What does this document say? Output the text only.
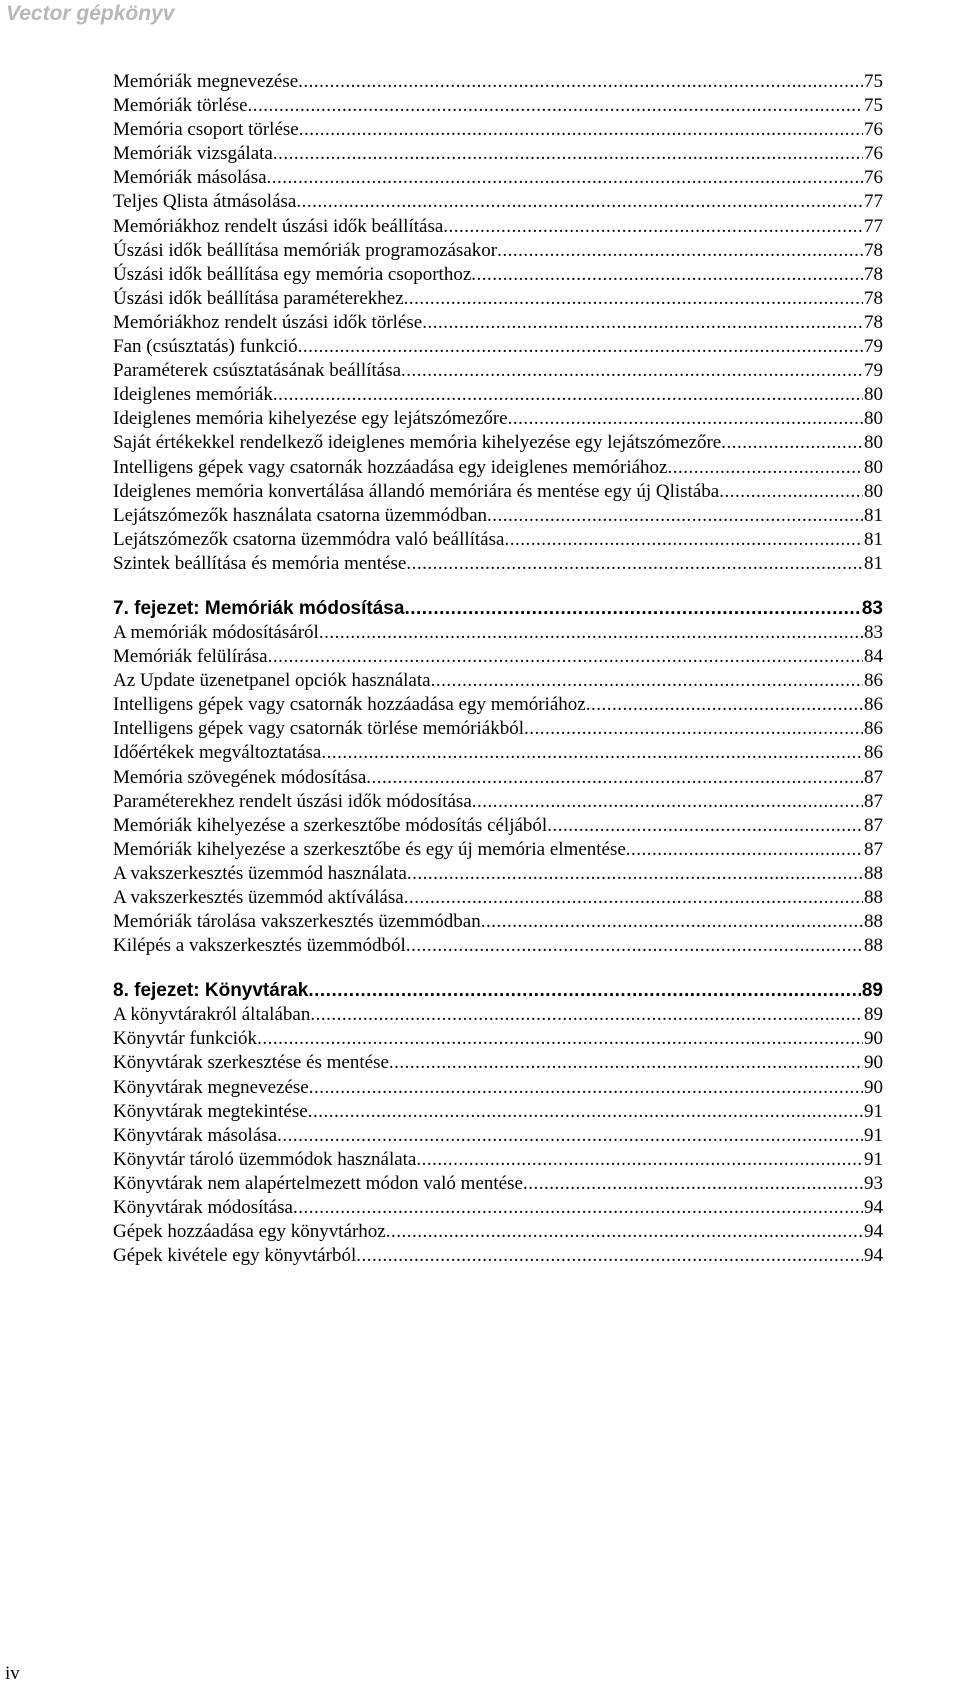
Vector gépkönyv
Memóriák megnevezése .....	75
Memóriák törlése .....	75
Memória csoport törlése .....	76
Memóriák vizsgálata .....	76
Memóriák másolása .....	76
Teljes Qlista átmásolása .....	77
Memóriákhoz rendelt úszási idők beállítása .....	77
Úszási idők beállítása memóriák programozásakor .....	78
Úszási idők beállítása egy memória csoporthoz .....	78
Úszási idők beállítása paraméterekhez .....	78
Memóriákhoz rendelt úszási idők törlése .....	78
Fan (csúsztatás) funkció .....	79
Paraméterek csúsztatásának beállítása .....	79
Ideiglenes memóriák .....	80
Ideiglenes memória kihelyezése egy lejátszómezőre .....	80
Saját értékekkel rendelkező ideiglenes memória kihelyezése egy lejátszómezőre .....	80
Intelligens gépek vagy csatornák hozzáadása egy ideiglenes memóriához .....	80
Ideiglenes memória konvertálása állandó memóriára és mentése egy új Qlistába .....	80
Lejátszómezők használata csatorna üzemmódban .....	81
Lejátszómezők csatorna üzemmódra való beállítása .....	81
Szintek beállítása és memória mentése .....	81
7. fejezet: Memóriák módosítása .....	83
A memóriák módosításáról .....	83
Memóriák felülírása .....	84
Az Update üzenetpanel opciók használata .....	86
Intelligens gépek vagy csatornák hozzáadása egy memóriához .....	86
Intelligens gépek vagy csatornák törlése memóriákból .....	86
Időértékek megváltoztatása .....	86
Memória szövegének módosítása .....	87
Paraméterekhez rendelt úszási idők módosítása .....	87
Memóriák kihelyezése a szerkesztőbe módosítás céljából .....	87
Memóriák kihelyezése a szerkesztőbe és egy új memória elmentése .....	87
A vakszerkesztés üzemmód használata .....	88
A vakszerkesztés üzemmód aktíválása .....	88
Memóriák tárolása vakszerkesztés üzemmódban .....	88
Kilépés a vakszerkesztés üzemmódból .....	88
8. fejezet: Könyvtárak .....	89
A könyvtárakról általában .....	89
Könyvtár funkciók .....	90
Könyvtárak szerkesztése és mentése .....	90
Könyvtárak megnevezése .....	90
Könyvtárak megtekintése .....	91
Könyvtárak másolása .....	91
Könyvtár tároló üzemmódok használata .....	91
Könyvtárak nem alapértelmezett módon való mentése .....	93
Könyvtárak módosítása .....	94
Gépek hozzáadása egy könyvtárhoz .....	94
Gépek kivétele egy könyvtárból .....	94
iv
